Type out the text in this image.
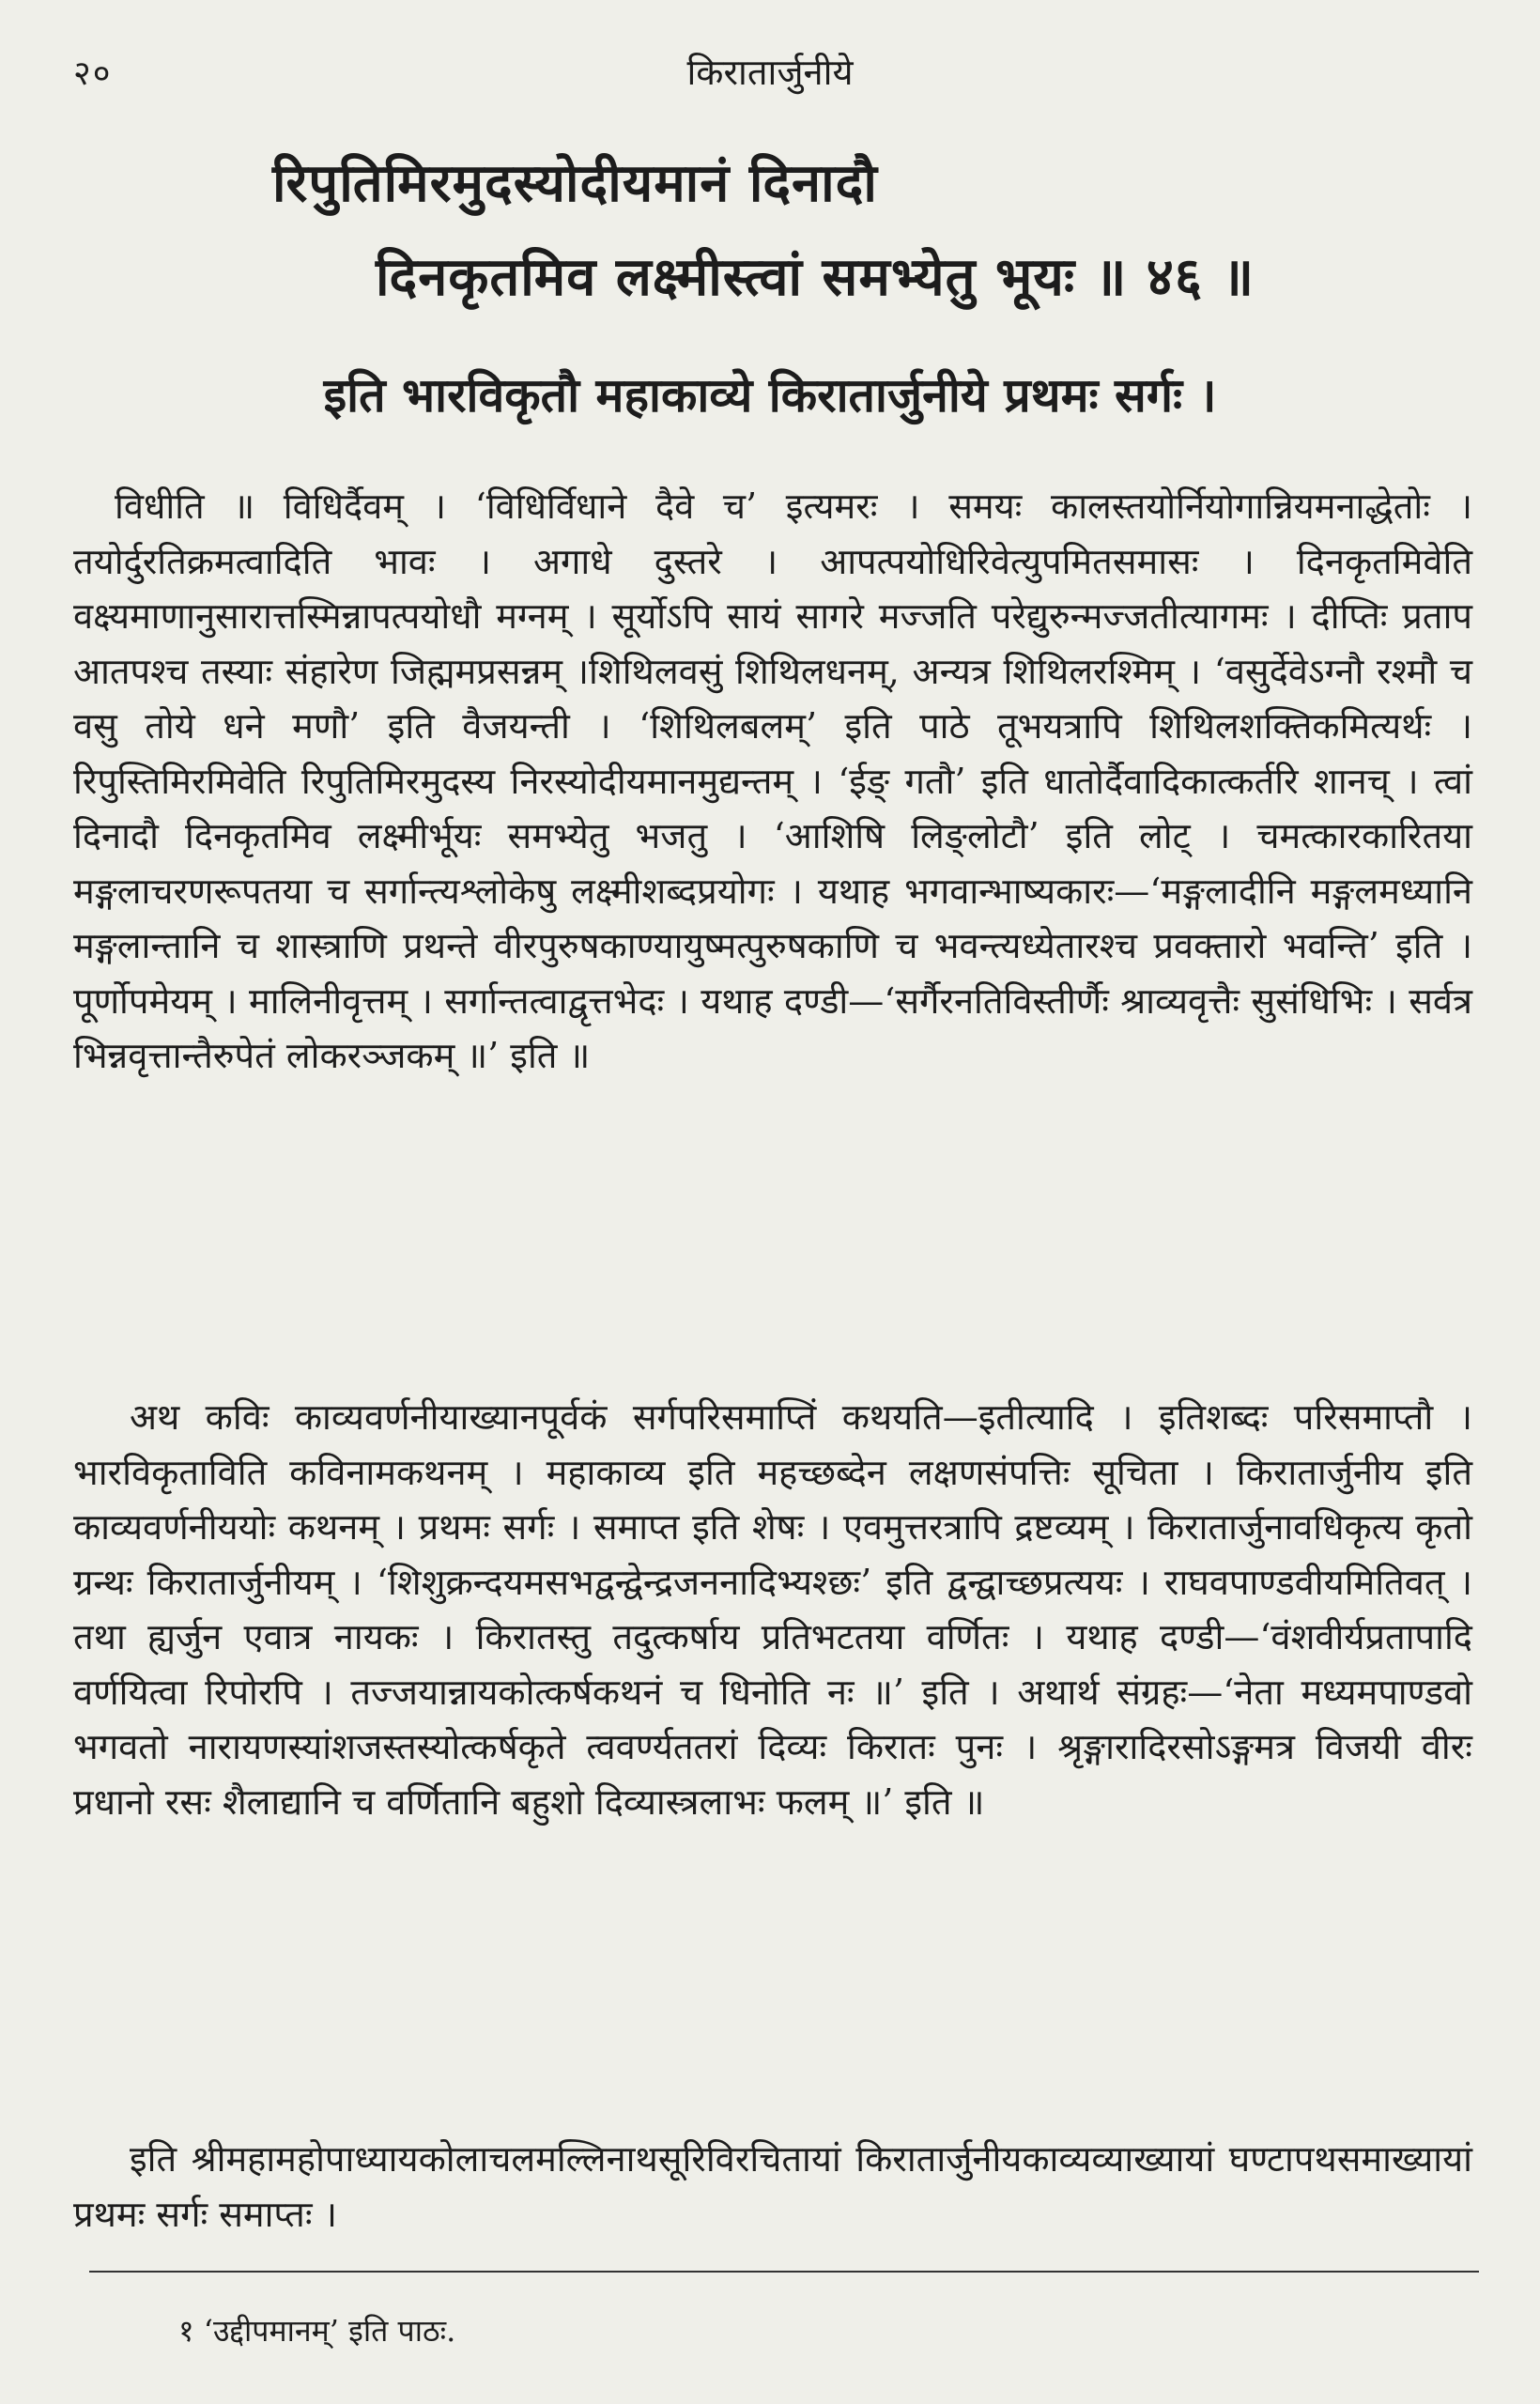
२०	किरातार्जुनीये
रिपुतिमिरमुदस्योदीयमानं दिनादौ
दिनकृतमिव लक्ष्मीस्त्वां समभ्येतु भूयः ॥ ४६ ॥
इति भारविकृतौ महाकाव्ये किरातार्जुनीये प्रथमः सर्गः ।

विधीति ॥ विधिर्दैवम् । ‘विधिर्विधाने दैवे च’ इत्यमरः । समयः कालस्तयोर्नियोगान्नियमनाद्धेतोः । तयोर्दुरतिक्रमत्वादिति भावः । अगाधे दुस्तरे । आपत्पयोधिरिवेत्युपमितसमासः । दिनकृतमिवेति वक्ष्यमाणानुसारात्तस्मिन्नापत्पयोधौ मग्नम् । सूर्योऽपि सायं सागरे मज्जति परेद्युरुन्मज्जतीत्यागमः । दीप्तिः प्रताप आतपश्च तस्याः संहारेण जिह्ममप्रसन्नम् ।शिथिलवसुं शिथिलधनम्, अन्यत्र शिथिलरश्मिम् । ‘वसुर्देवेऽग्नौ रश्मौ च वसु तोये धने मणौ’ इति वैजयन्ती । ‘शिथिलबलम्’ इति पाठे तूभयत्रापि शिथिलशक्तिकमित्यर्थः । रिपुस्तिमिरमिवेति रिपुतिमिरमुदस्य निरस्योदीयमानमुद्यन्तम् । ‘ईङ् गतौ’ इति धातोर्दैवादिकात्कर्तरि शानच् । त्वां दिनादौ दिनकृतमिव लक्ष्मीर्भूयः समभ्येतु भजतु । ‘आशिषि लिङ्लोटौ’ इति लोट् । चमत्कारकारितया मङ्गलाचरणरूपतया च सर्गान्त्यश्लोकेषु लक्ष्मीशब्दप्रयोगः । यथाह भगवान्भाष्यकारः—‘मङ्गलादीनि मङ्गलमध्यानि मङ्गलान्तानि च शास्त्राणि प्रथन्ते वीरपुरुषकाण्यायुष्मत्पुरुषकाणि च भवन्त्यध्येतारश्च प्रवक्तारो भवन्ति’ इति । पूर्णोपमेयम् । मालिनीवृत्तम् । सर्गान्तत्वाद्वृत्तभेदः । यथाह दण्डी—‘सर्गैरनतिविस्तीर्णैः श्राव्यवृत्तैः सुसंधिभिः । सर्वत्र भिन्नवृत्तान्तैरुपेतं लोकरञ्जकम् ॥’ इति ॥

अथ कविः काव्यवर्णनीयाख्यानपूर्वकं सर्गपरिसमाप्तिं कथयति—इतीत्यादि । इतिशब्दः परिसमाप्तौ । भारविकृताविति कविनामकथनम् । महाकाव्य इति महच्छब्देन लक्षणसंपत्तिः सूचिता । किरातार्जुनीय इति काव्यवर्णनीययोः कथनम् । प्रथमः सर्गः । समाप्त इति शेषः । एवमुत्तरत्रापि द्रष्टव्यम् । किरातार्जुनावधिकृत्य कृतो ग्रन्थः किरातार्जुनीयम् । ‘शिशुक्रन्दयमसभद्वन्द्वेन्द्रजननादिभ्यश्छः’ इति द्वन्द्वाच्छप्रत्ययः । राघवपाण्डवीयमितिवत् । तथा ह्यर्जुन एवात्र नायकः । किरातस्तु तदुत्कर्षाय प्रतिभटतया वर्णितः । यथाह दण्डी—‘वंशवीर्यप्रतापादि वर्णयित्वा रिपोरपि । तज्जयान्नायकोत्कर्षकथनं च धिनोति नः ॥’ इति । अथार्थ संग्रहः—‘नेता मध्यमपाण्डवो भगवतो नारायणस्यांशजस्तस्योत्कर्षकृते त्ववर्ण्यततरां दिव्यः किरातः पुनः । श्रृङ्गारादिरसोऽङ्गमत्र विजयी वीरः प्रधानो रसः शैलाद्यानि च वर्णितानि बहुशो दिव्यास्त्रलाभः फलम् ॥’ इति ॥

इति श्रीमहामहोपाध्यायकोलाचलमल्लिनाथसूरिविरचितायां किरातार्जुनीयकाव्यव्याख्यायां घण्टापथसमाख्यायां प्रथमः सर्गः समाप्तः ।

१ ‘उद्दीपमानम्’ इति पाठः.
